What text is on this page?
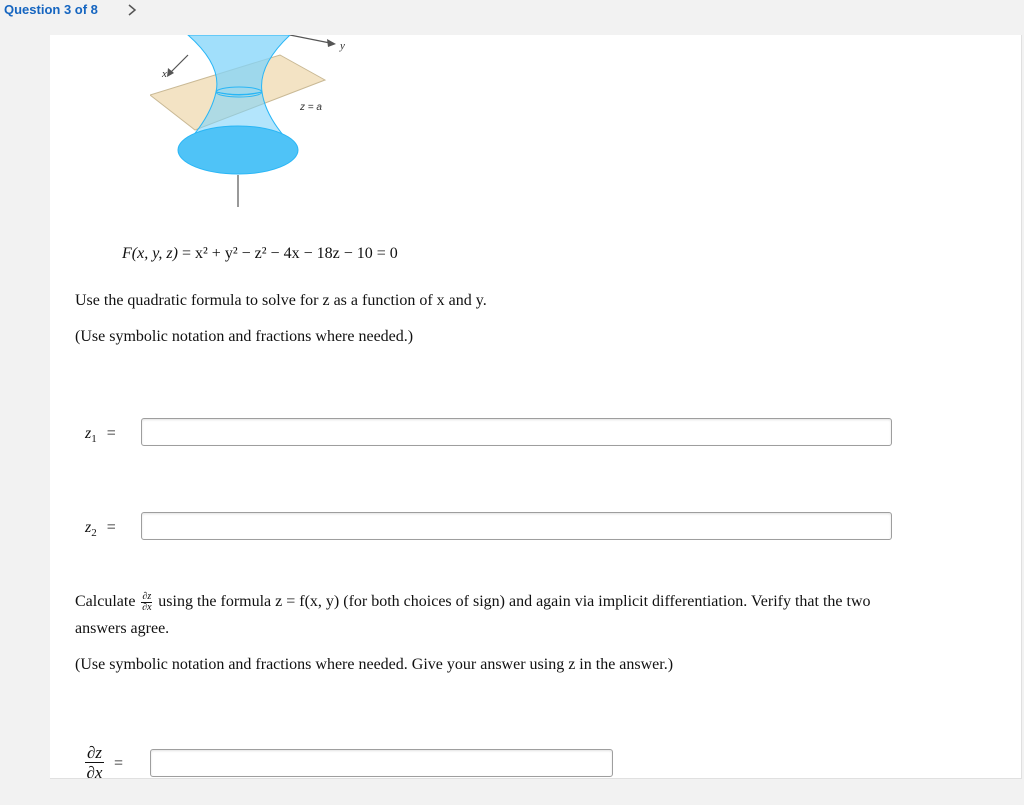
Question 3 of 8
y
x
z = a
F(x, y, z) = x² + y² − z² − 4x − 18z − 10 = 0
Use the quadratic formula to solve for z as a function of x and y.
(Use symbolic notation and fractions where needed.)
$z_1$ =
$z_2$ =
Calculate $\frac{\partial z}{\partial x}$ using the formula z = f(x, y) (for both choices of sign) and again via implicit differentiation. Verify that the two
answers agree.
(Use symbolic notation and fractions where needed. Give your answer using z in the answer.)
$\frac{\partial z}{\partial x}$ =
